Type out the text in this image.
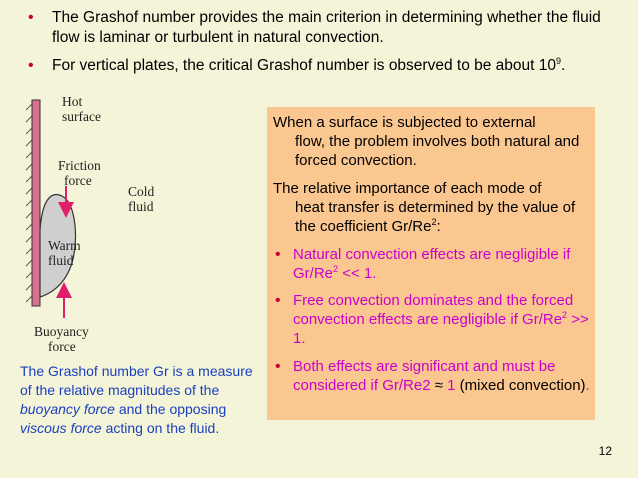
• The Grashof number provides the main criterion in determining whether the fluid flow is laminar or turbulent in natural convection.
• For vertical plates, the critical Grashof number is observed to be about $10^9$.
Hot
surface
Friction
force
Cold
fluid
Warm
fluid
Buoyancy
force
When a surface is subjected to external
flow, the problem involves both natural and forced convection.
The relative importance of each mode of
heat transfer is determined by the value of the coefficient Gr/Re$^2$:
• Natural convection effects are negligible if $Gr/Re^2 << 1$.
• Free convection dominates and the forced convection effects are negligible if $Gr/Re^2 >> 1$.
• Both effects are significant and must be considered if Gr/Re2 ≈ 1 (mixed convection).
The Grashof number Gr is a measure of the relative magnitudes of the buoyancy force and the opposing viscous force acting on the fluid.
12
